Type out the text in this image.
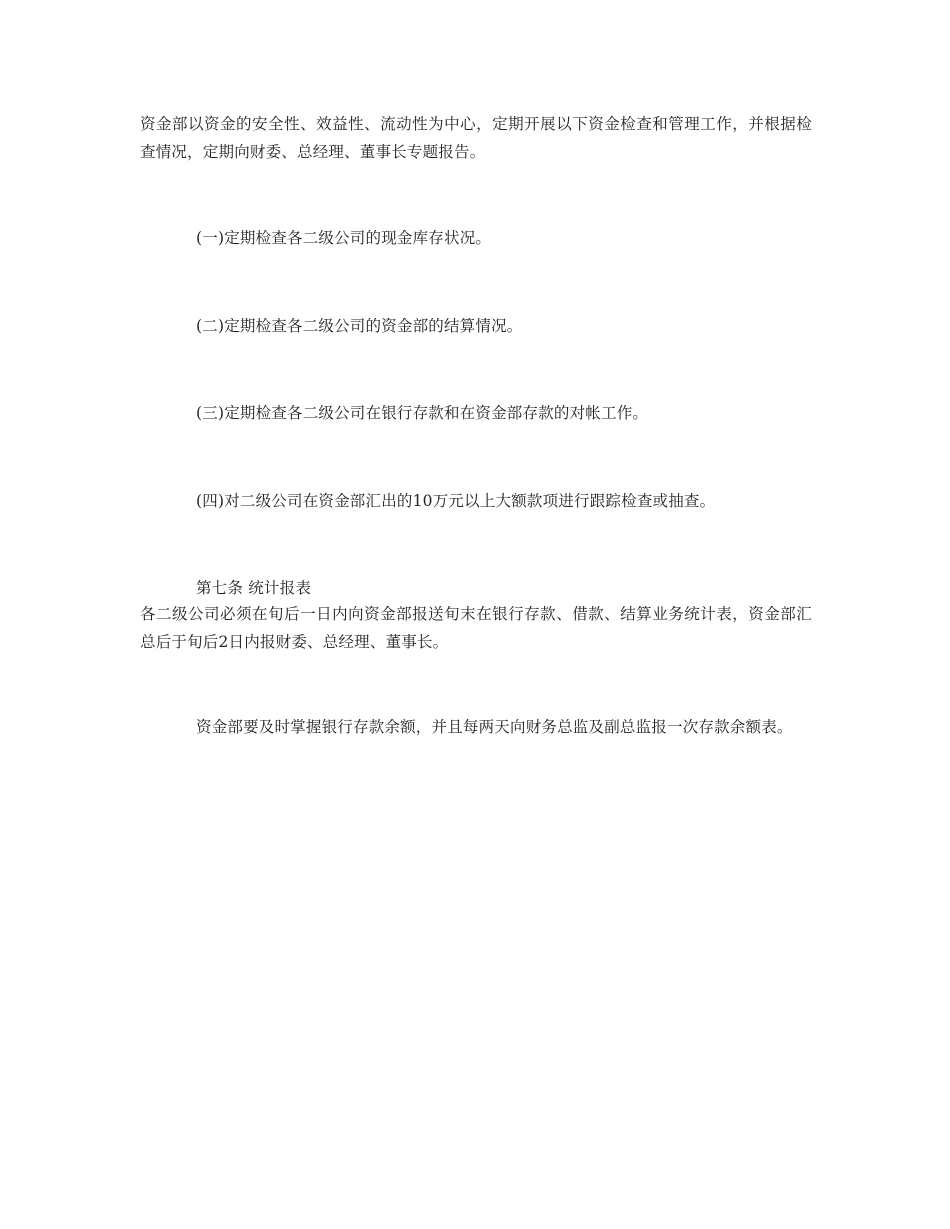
资金部以资金的安全性、效益性、流动性为中心，定期开展以下资金检查和管理工作，并根据检查情况，定期向财委、总经理、董事长专题报告。

(一)定期检查各二级公司的现金库存状况。

(二)定期检查各二级公司的资金部的结算情况。

(三)定期检查各二级公司在银行存款和在资金部存款的对帐工作。

(四)对二级公司在资金部汇出的10万元以上大额款项进行跟踪检查或抽查。

第七条 统计报表

各二级公司必须在旬后一日内向资金部报送旬末在银行存款、借款、结算业务统计表，资金部汇总后于旬后2日内报财委、总经理、董事长。

资金部要及时掌握银行存款余额，并且每两天向财务总监及副总监报一次存款余额表。
